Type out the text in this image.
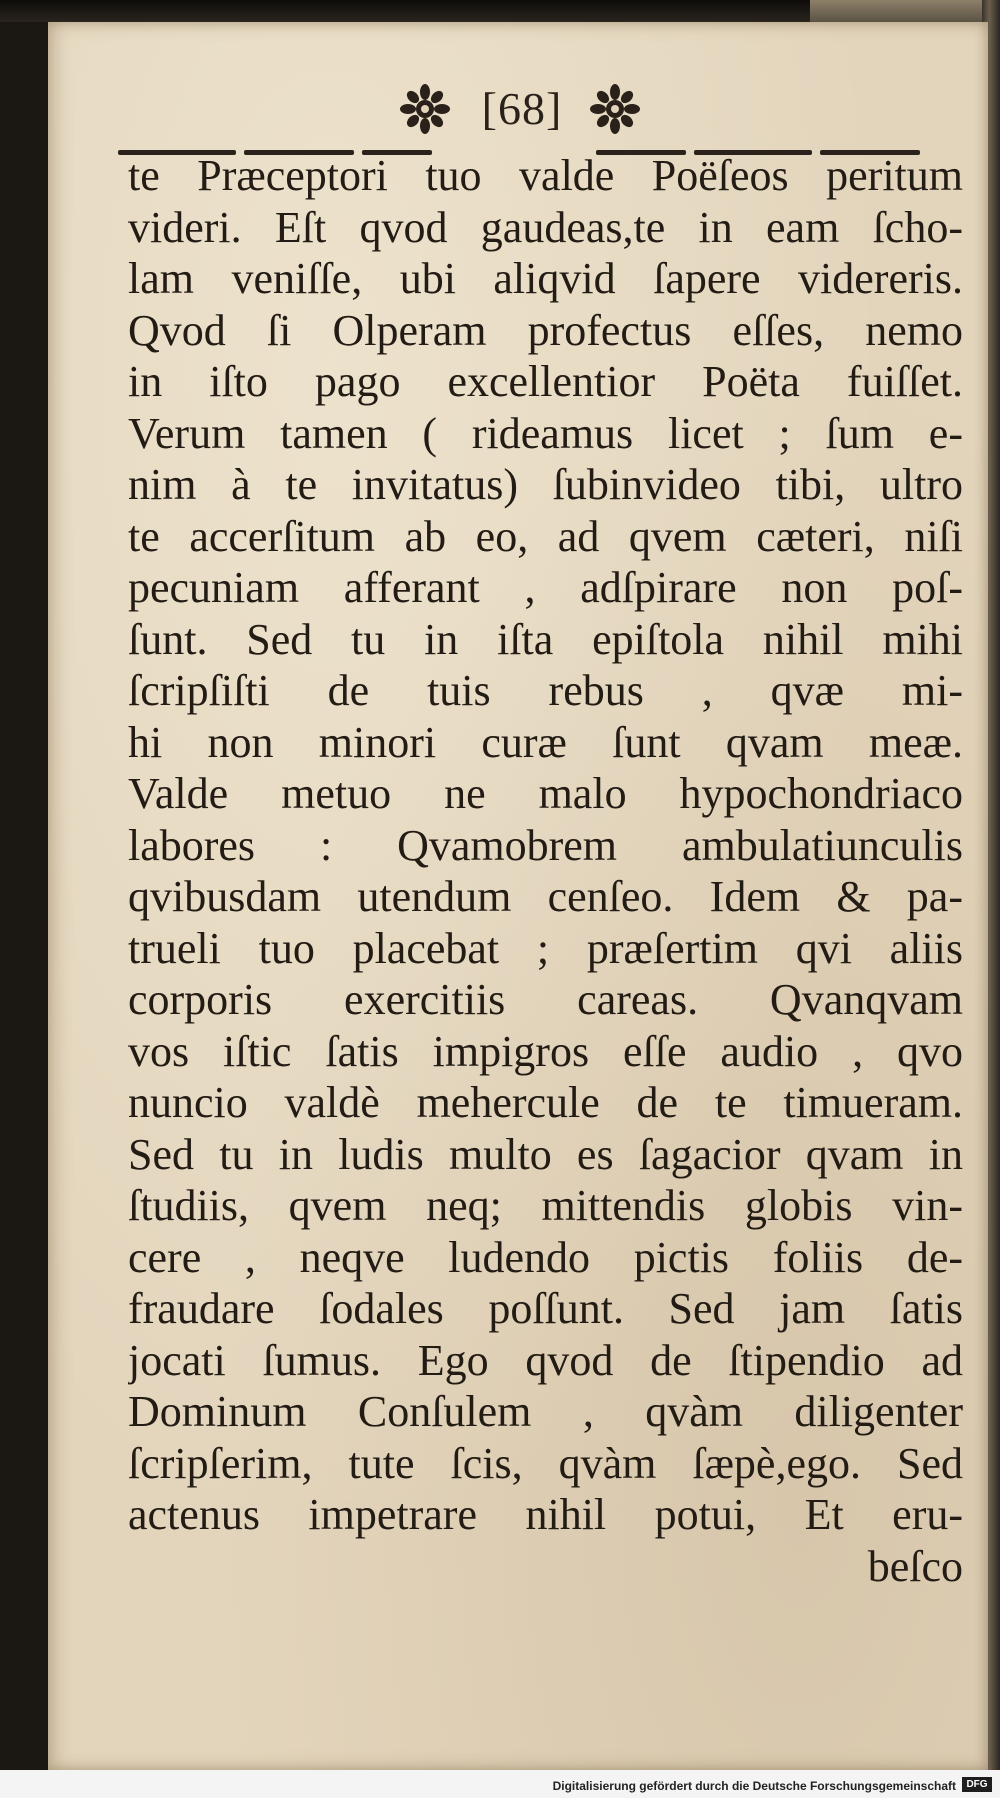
[68]
te Præceptori tuo valde Poëſeos peritum
videri. Eſt qvod gaudeas,te in eam ſcho-
lam veniſſe, ubi aliqvid ſapere videreris.
Qvod ſi Olperam profectus eſſes, nemo
in iſto pago excellentior Poëta fuiſſet.
Verum tamen ( rideamus licet ; ſum e-
nim à te invitatus) ſubinvideo tibi, ultro
te accerſitum ab eo, ad qvem cæteri, niſi
pecuniam afferant , adſpirare non poſ-
ſunt. Sed tu in iſta epiſtola nihil mihi
ſcripſiſti de tuis rebus , qvæ mi-
hi non minori curæ ſunt qvam meæ.
Valde metuo ne malo hypochondriaco
labores : Qvamobrem ambulatiunculis
qvibusdam utendum cenſeo. Idem & pa-
trueli tuo placebat ; præſertim qvi aliis
corporis exercitiis careas. Qvanqvam
vos iſtic ſatis impigros eſſe audio , qvo
nuncio valdè mehercule de te timueram.
Sed tu in ludis multo es ſagacior qvam in
ſtudiis, qvem neq; mittendis globis vin-
cere , neqve ludendo pictis foliis de-
fraudare ſodales poſſunt. Sed jam ſatis
jocati ſumus. Ego qvod de ſtipendio ad
Dominum Conſulem , qvàm diligenter
ſcripſerim, tute ſcis, qvàm ſæpè,ego. Sed
actenus impetrare nihil potui, Et eru-
beſco
Digitalisierung gefördert durch die Deutsche Forschungsgemeinschaft	DFG
